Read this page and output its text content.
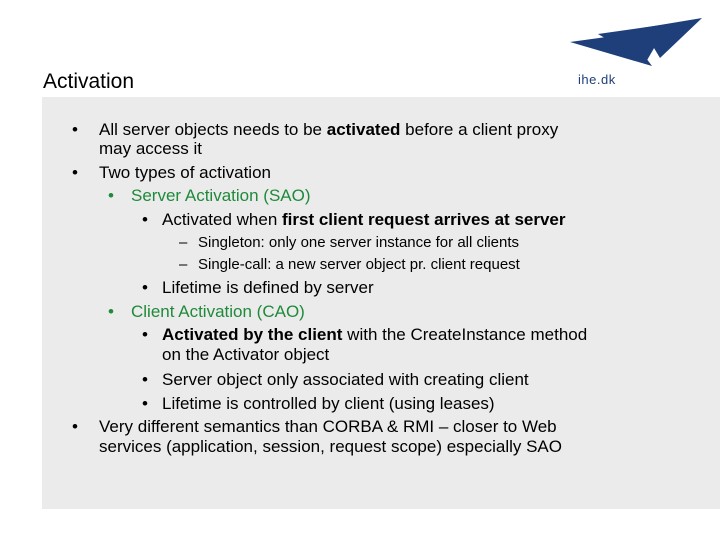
Activation	ihe.dk
• All server objects needs to be activated before a client proxy
may access it
• Two types of activation
• Server Activation (SAO)
• Activated when first client request arrives at server
– Singleton: only one server instance for all clients
– Single-call: a new server object pr. client request
• Lifetime is defined by server
• Client Activation (CAO)
• Activated by the client with the CreateInstance method
on the Activator object
• Server object only associated with creating client
• Lifetime is controlled by client (using leases)
• Very different semantics than CORBA & RMI – closer to Web
services (application, session, request scope) especially SAO
